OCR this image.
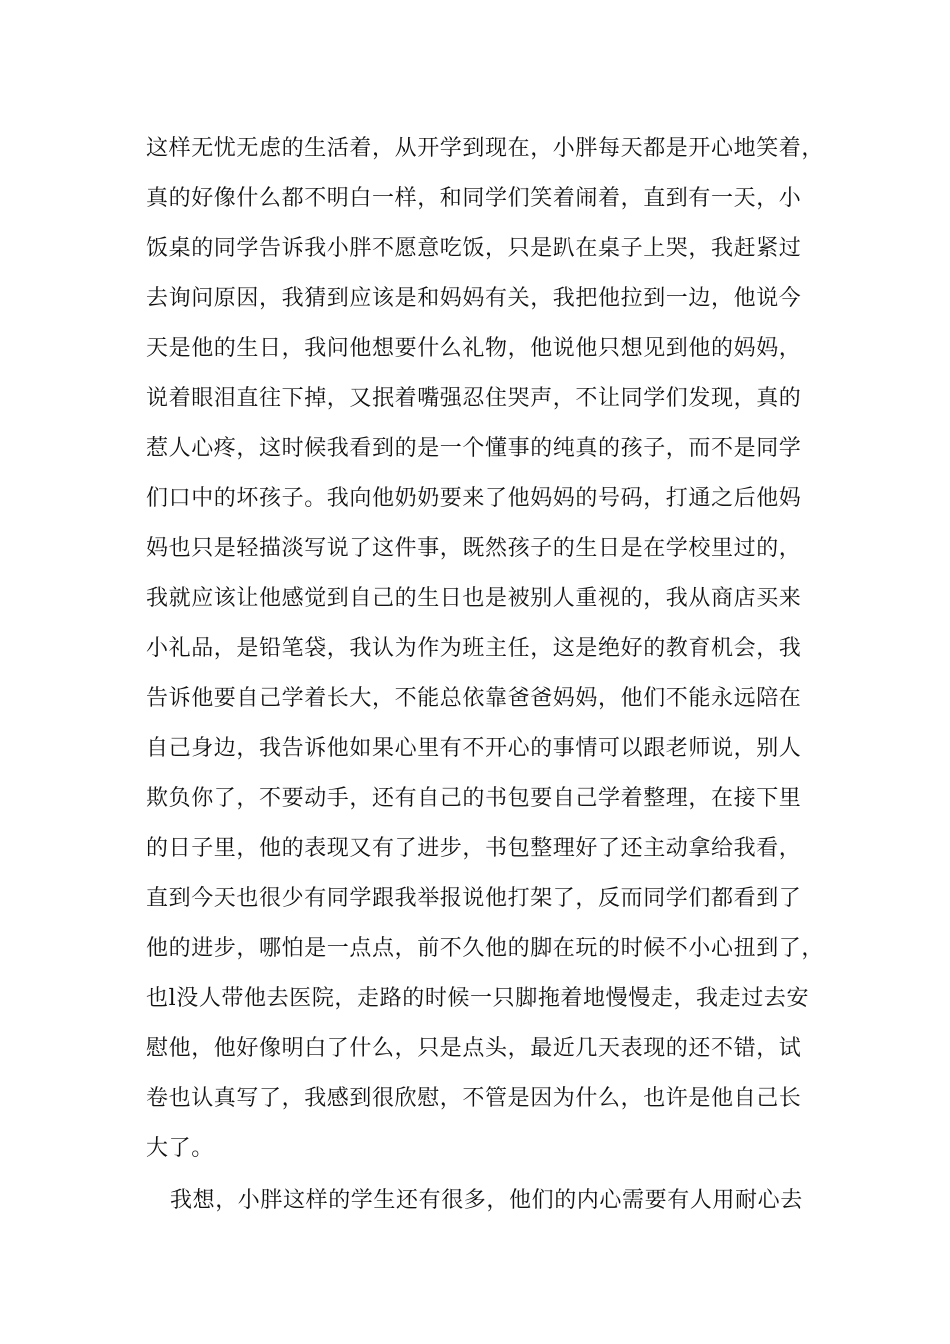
这样无忧无虑的生活着，从开学到现在，小胖每天都是开心地笑着，
真的好像什么都不明白一样，和同学们笑着闹着，直到有一天，小
饭桌的同学告诉我小胖不愿意吃饭，只是趴在桌子上哭，我赶紧过
去询问原因，我猜到应该是和妈妈有关，我把他拉到一边，他说今
天是他的生日，我问他想要什么礼物，他说他只想见到他的妈妈，
说着眼泪直往下掉，又抿着嘴强忍住哭声，不让同学们发现，真的
惹人心疼，这时候我看到的是一个懂事的纯真的孩子，而不是同学
们口中的坏孩子。我向他奶奶要来了他妈妈的号码，打通之后他妈
妈也只是轻描淡写说了这件事，既然孩子的生日是在学校里过的，
我就应该让他感觉到自己的生日也是被别人重视的，我从商店买来
小礼品，是铅笔袋，我认为作为班主任，这是绝好的教育机会，我
告诉他要自己学着长大，不能总依靠爸爸妈妈，他们不能永远陪在
自己身边，我告诉他如果心里有不开心的事情可以跟老师说，别人
欺负你了，不要动手，还有自己的书包要自己学着整理，在接下里
的日子里，他的表现又有了进步，书包整理好了还主动拿给我看，
直到今天也很少有同学跟我举报说他打架了，反而同学们都看到了
他的进步，哪怕是一点点，前不久他的脚在玩的时候不小心扭到了，
也l没人带他去医院，走路的时候一只脚拖着地慢慢走，我走过去安
慰他，他好像明白了什么，只是点头，最近几天表现的还不错，试
卷也认真写了，我感到很欣慰，不管是因为什么，也许是他自己长
大了。
我想，小胖这样的学生还有很多，他们的内心需要有人用耐心去
